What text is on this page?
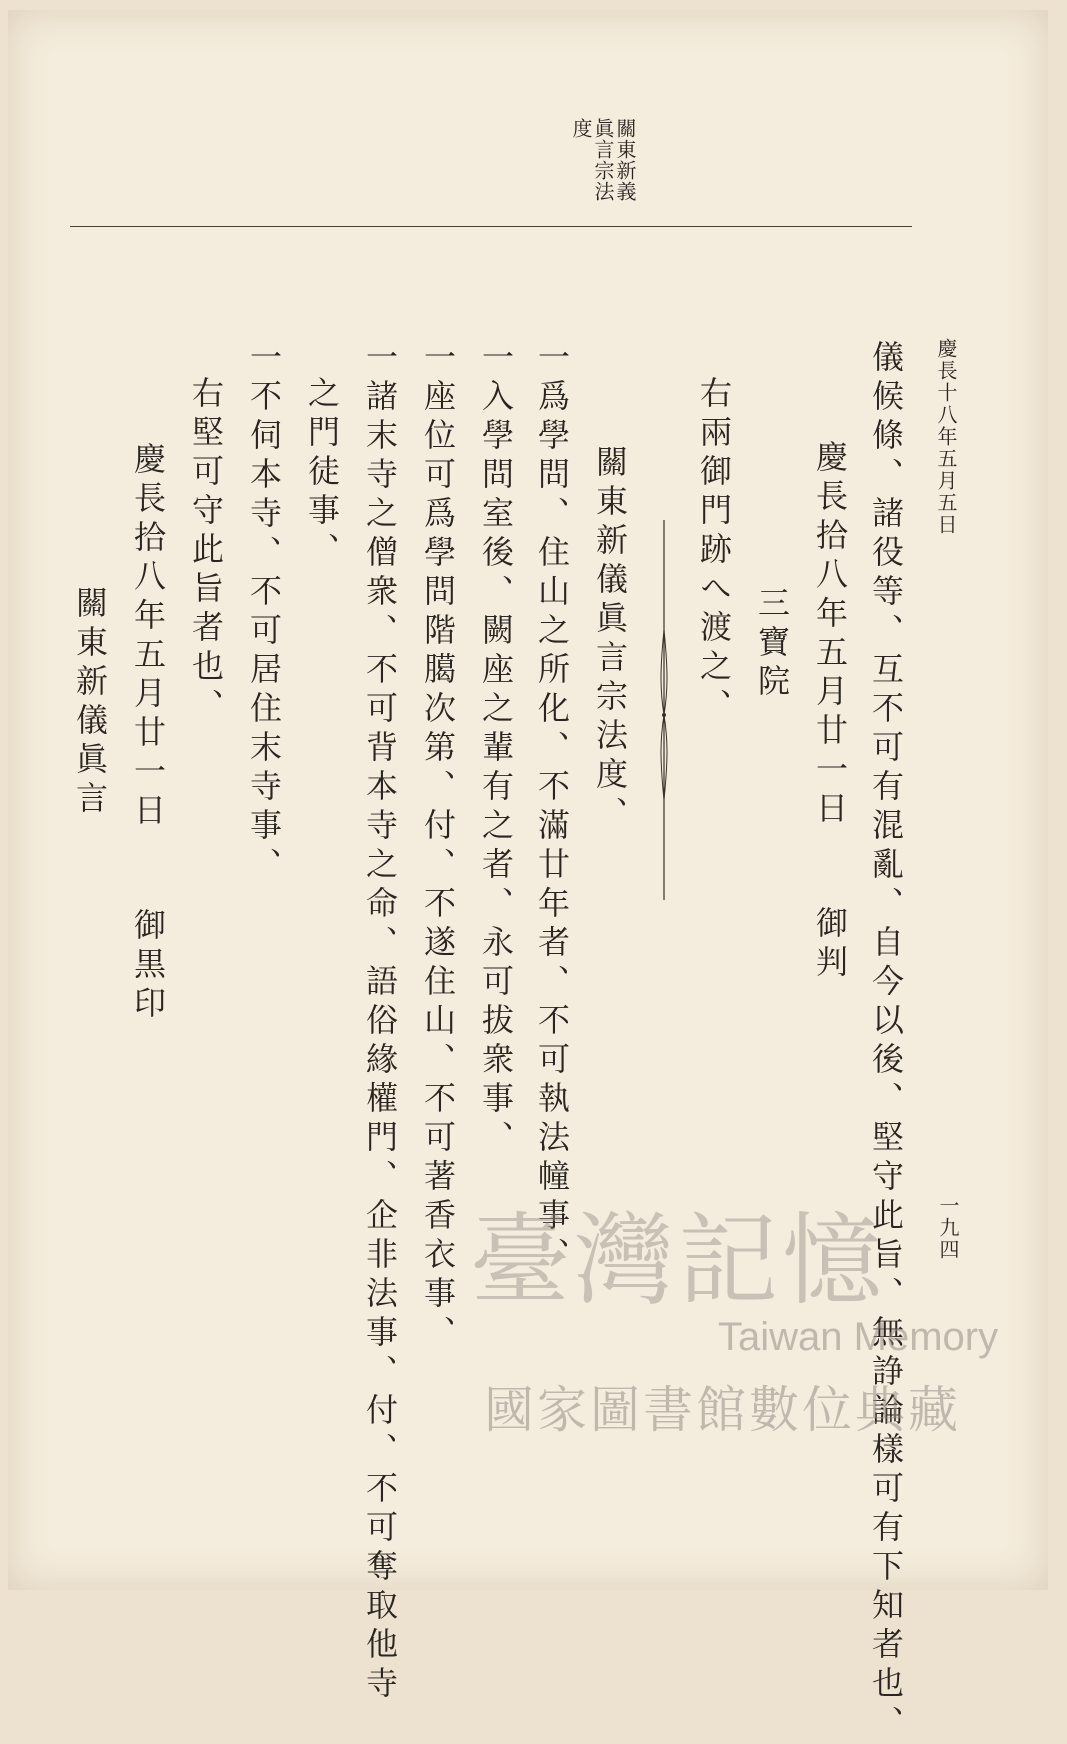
關東新義
眞言宗法
度
慶長十八年五月五日
一九四
儀候條、諸役等、互不可有混亂、自今以後、堅守此旨、無諍論樣可有下知者也、
慶長拾八年五月廿一日
御判
三寶院
右兩御門跡へ渡之、
關東新儀眞言宗法度、
一爲學問、住山之所化、不滿廿年者、不可執法幢事、
一入學問室後、闕座之輩有之者、永可拔衆事、
一座位可爲學問階臈次第、付、不遂住山、不可著香衣事、
一諸末寺之僧衆、不可背本寺之命、語俗緣權門、企非法事、付、不可奪取他寺
之門徒事、
一不伺本寺、不可居住末寺事、
右堅可守此旨者也、
慶長拾八年五月廿一日
御黒印
關東新儀眞言
臺灣記憶
Taiwan Memory
國家圖書館數位典藏
